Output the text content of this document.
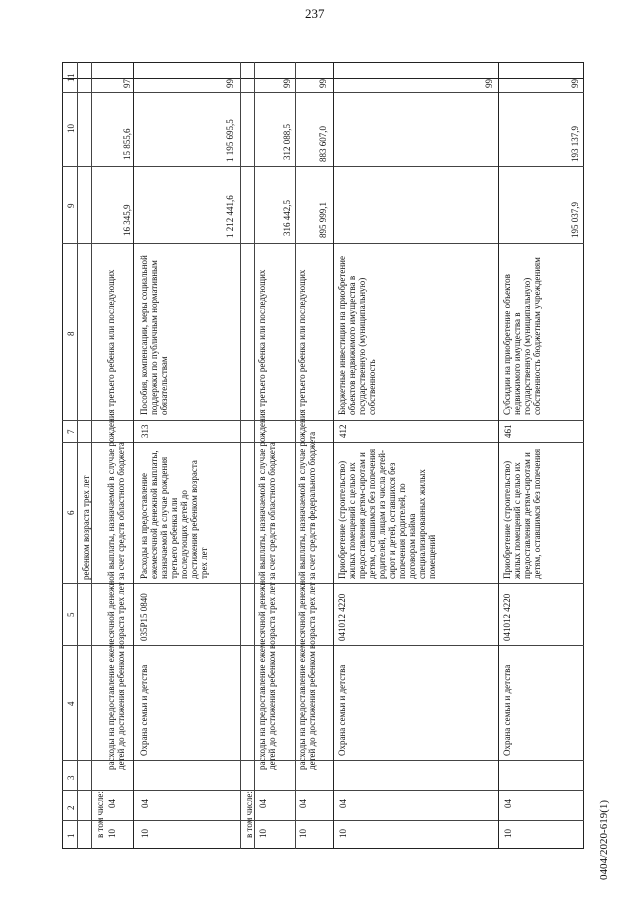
237
0404/2020-619(1)
1
2
3
4
5
6
7
8
9
10
11
ребенком возраста трех лет
в том числе: 10
04
расходы на предоставление ежемесячной денежной выплаты, назначаемой в случае рождения третьего ребенка или последующих детей до достижения ребенком возраста трех лет за счет средств областного бюджета
16 345,9
15 855,6
97
10
04
Охрана семьи и детства
035P15 0840
Расходы на предоставление ежемесячной денежной выплаты, назначаемой в случае рождения третьего ребенка или последующих детей до достижения ребенком возраста трех лет
313
Пособия, компенсации, меры социальной поддержки по публичным нормативным обязательствам
1 212 441,6
1 195 695,5
99
в том числе: 10
04
расходы на предоставление ежемесячной денежной выплаты, назначаемой в случае рождения третьего ребенка или последующих детей до достижения ребенком возраста трех лет за счет средств областного бюджета
316 442,5
312 088,5
99
10
04
расходы на предоставление ежемесячной денежной выплаты, назначаемой в случае рождения третьего ребенка или последующих детей до достижения ребенком возраста трех лет за счет средств федерального бюджета
895 999,1
883 607,0
99
10
04
Охрана семьи и детства
041012 4220
Приобретение (строительство) жилых помещений с целью их предоставления детям-сиротам и детям, оставшимся без попечения родителей, лицам из числа детей-сирот и детей, оставшихся без попечения родителей, по договорам найма специализированных жилых помещений
412
Бюджетные инвестиции на приобретение объектов недвижимого имущества в государственную (муниципальную) собственность
99
10
04
Охрана семьи и детства
041012 4220
Приобретение (строительство) жилых помещений с целью их предоставления детям-сиротам и детям, оставшимся без попечения
461
Субсидии на приобретение объектов недвижимого имущества в государственную (муниципальную) собственность бюджетным учреждениям
195 037,9
193 137,9
99
